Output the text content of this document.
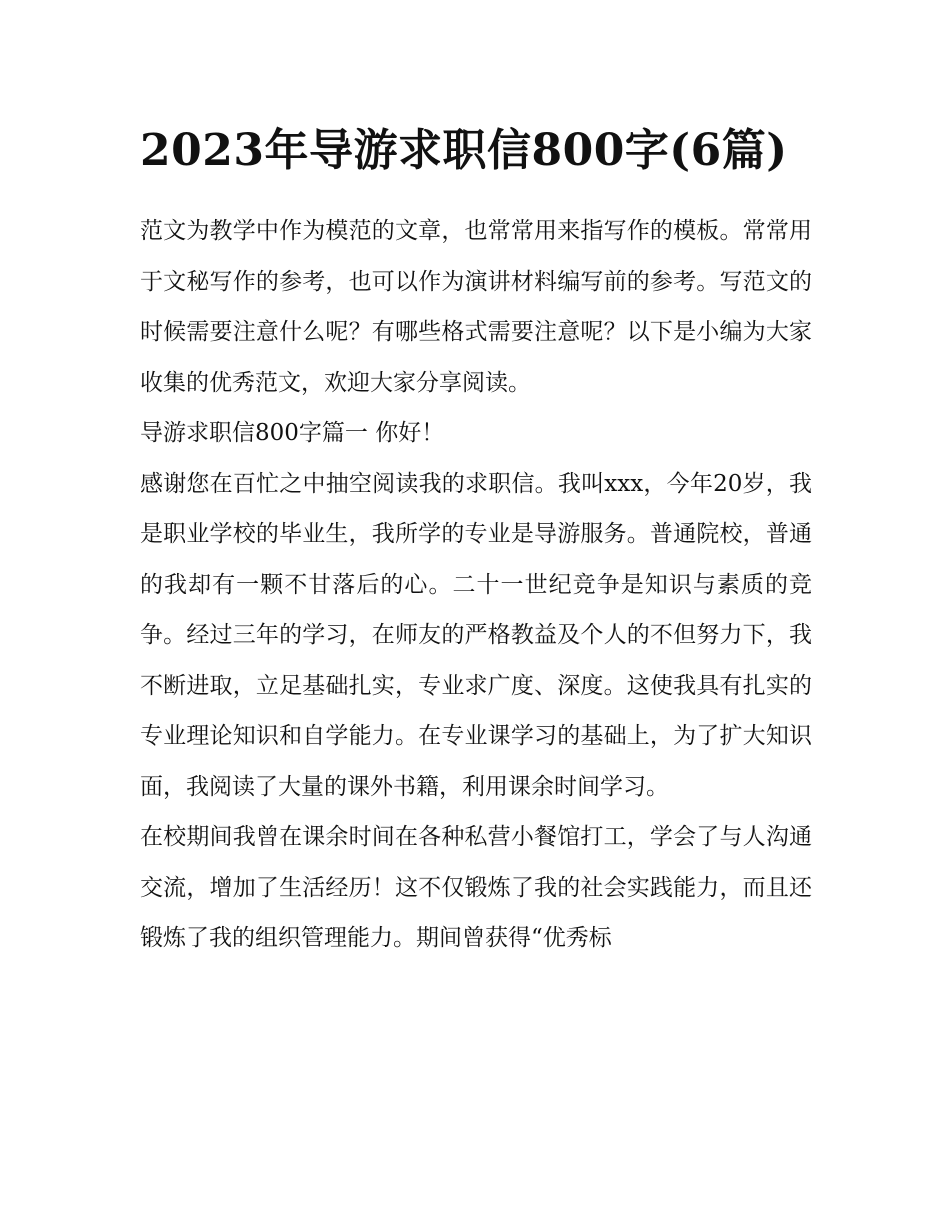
2023年导游求职信800字(6篇)

范文为教学中作为模范的文章，也常常用来指写作的模板。常常用于文秘写作的参考，也可以作为演讲材料编写前的参考。写范文的时候需要注意什么呢？有哪些格式需要注意呢？以下是小编为大家收集的优秀范文，欢迎大家分享阅读。

导游求职信800字篇一 你好！

感谢您在百忙之中抽空阅读我的求职信。我叫xxx，今年20岁，我是职业学校的毕业生，我所学的专业是导游服务。普通院校，普通的我却有一颗不甘落后的心。二十一世纪竞争是知识与素质的竞争。经过三年的学习，在师友的严格教益及个人的不但努力下，我不断进取，立足基础扎实，专业求广度、深度。这使我具有扎实的专业理论知识和自学能力。在专业课学习的基础上，为了扩大知识面，我阅读了大量的课外书籍，利用课余时间学习。

在校期间我曾在课余时间在各种私营小餐馆打工，学会了与人沟通交流，增加了生活经历！这不仅锻炼了我的社会实践能力，而且还锻炼了我的组织管理能力。期间曾获得“优秀标
